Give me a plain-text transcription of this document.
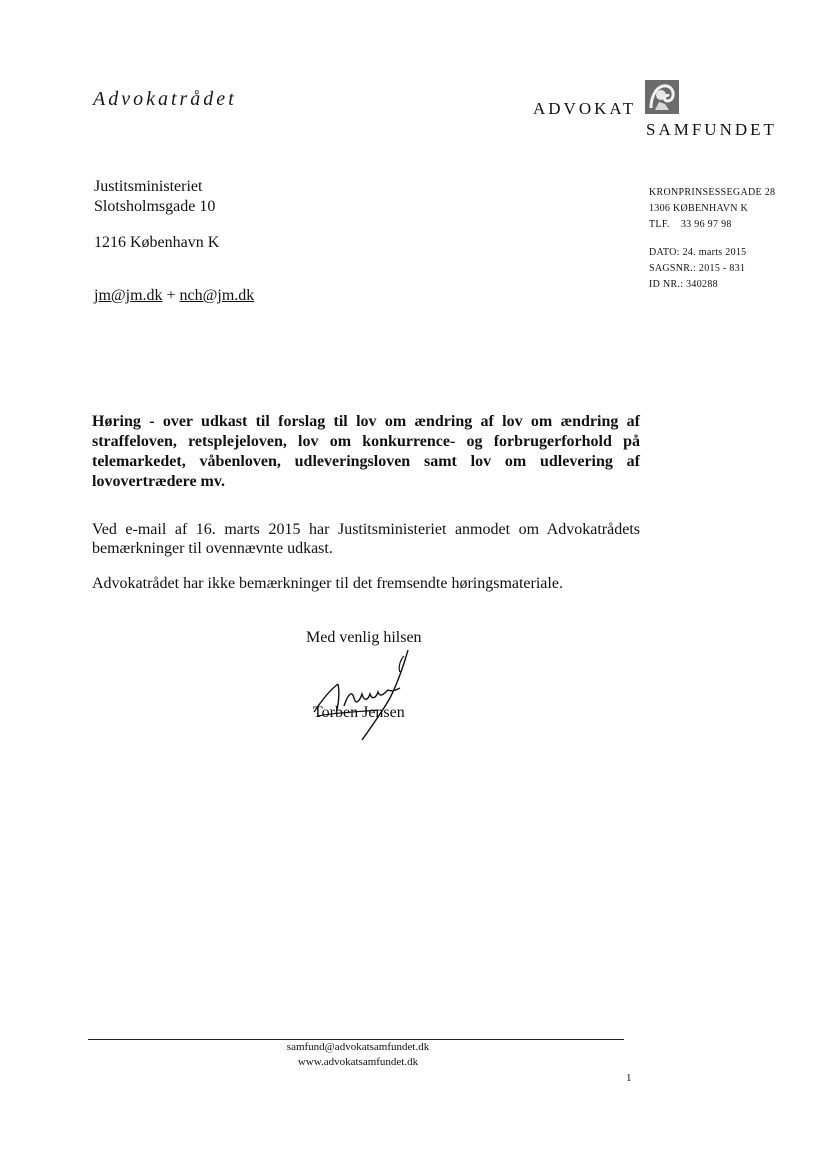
Advokatrådet	ADVOKAT
SAMFUNDET
Justitsministeriet
Slotsholmsgade 10
1216 København K
jm@jm.dk + nch@jm.dk
KRONPRINSESSEGADE 28
1306 KØBENHAVN K
TLF.    33 96 97 98
DATO: 24. marts 2015
SAGSNR.: 2015 - 831
ID NR.: 340288
Høring - over udkast til forslag til lov om ændring af lov om ændring af straffeloven, retsplejeloven, lov om konkurrence- og forbrugerforhold på telemarkedet, våbenloven, udleveringsloven samt lov om udlevering af lovovertrædere mv.
Ved e-mail af 16. marts 2015 har Justitsministeriet anmodet om Advokatrådets bemærkninger til ovennævnte udkast.
Advokatrådet har ikke bemærkninger til det fremsendte høringsmateriale.
Med venlig hilsen
Torben Jensen
samfund@advokatsamfundet.dk
www.advokatsamfundet.dk
1
